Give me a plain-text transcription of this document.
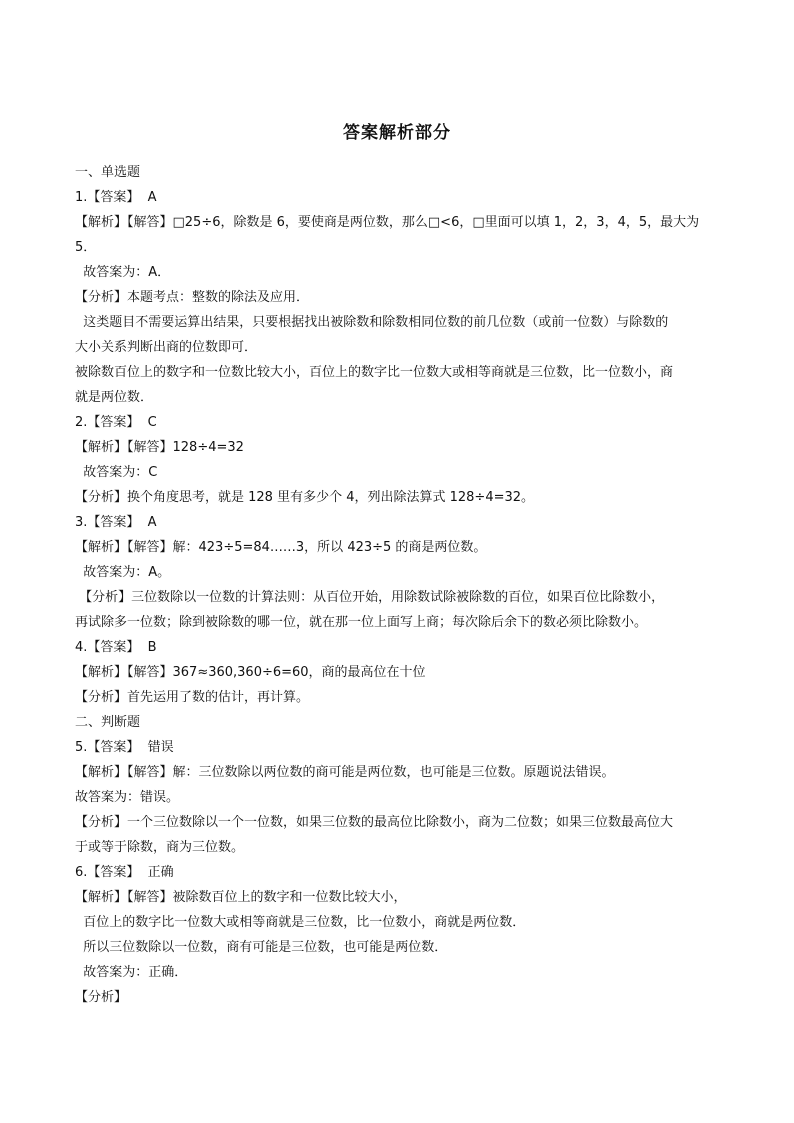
答案解析部分
一、单选题
1.【答案】  A
【解析】【解答】□25÷6，除数是 6，要使商是两位数，那么□<6，□里面可以填 1，2，3，4，5，最大为
5．
故答案为：A．
【分析】本题考点：整数的除法及应用．
这类题目不需要运算出结果，只要根据找出被除数和除数相同位数的前几位数（或前一位数）与除数的
大小关系判断出商的位数即可．
被除数百位上的数字和一位数比较大小，百位上的数字比一位数大或相等商就是三位数，比一位数小，商
就是两位数．
2.【答案】  C
【解析】【解答】128÷4=32
故答案为：C
【分析】换个角度思考，就是 128 里有多少个 4，列出除法算式 128÷4=32。
3.【答案】  A
【解析】【解答】解：423÷5=84……3，所以 423÷5 的商是两位数。
故答案为：A。
【分析】三位数除以一位数的计算法则：从百位开始，用除数试除被除数的百位，如果百位比除数小，
再试除多一位数；除到被除数的哪一位，就在那一位上面写上商；每次除后余下的数必须比除数小。
4.【答案】  B
【解析】【解答】367≈360,360÷6=60，商的最高位在十位
【分析】首先运用了数的估计，再计算。
二、判断题
5.【答案】  错误
【解析】【解答】解：三位数除以两位数的商可能是两位数，也可能是三位数。原题说法错误。
故答案为：错误。
【分析】一个三位数除以一个一位数，如果三位数的最高位比除数小，商为二位数；如果三位数最高位大
于或等于除数，商为三位数。
6.【答案】  正确
【解析】【解答】被除数百位上的数字和一位数比较大小，
百位上的数字比一位数大或相等商就是三位数，比一位数小，商就是两位数．
所以三位数除以一位数，商有可能是三位数，也可能是两位数．
故答案为：正确．
【分析】
